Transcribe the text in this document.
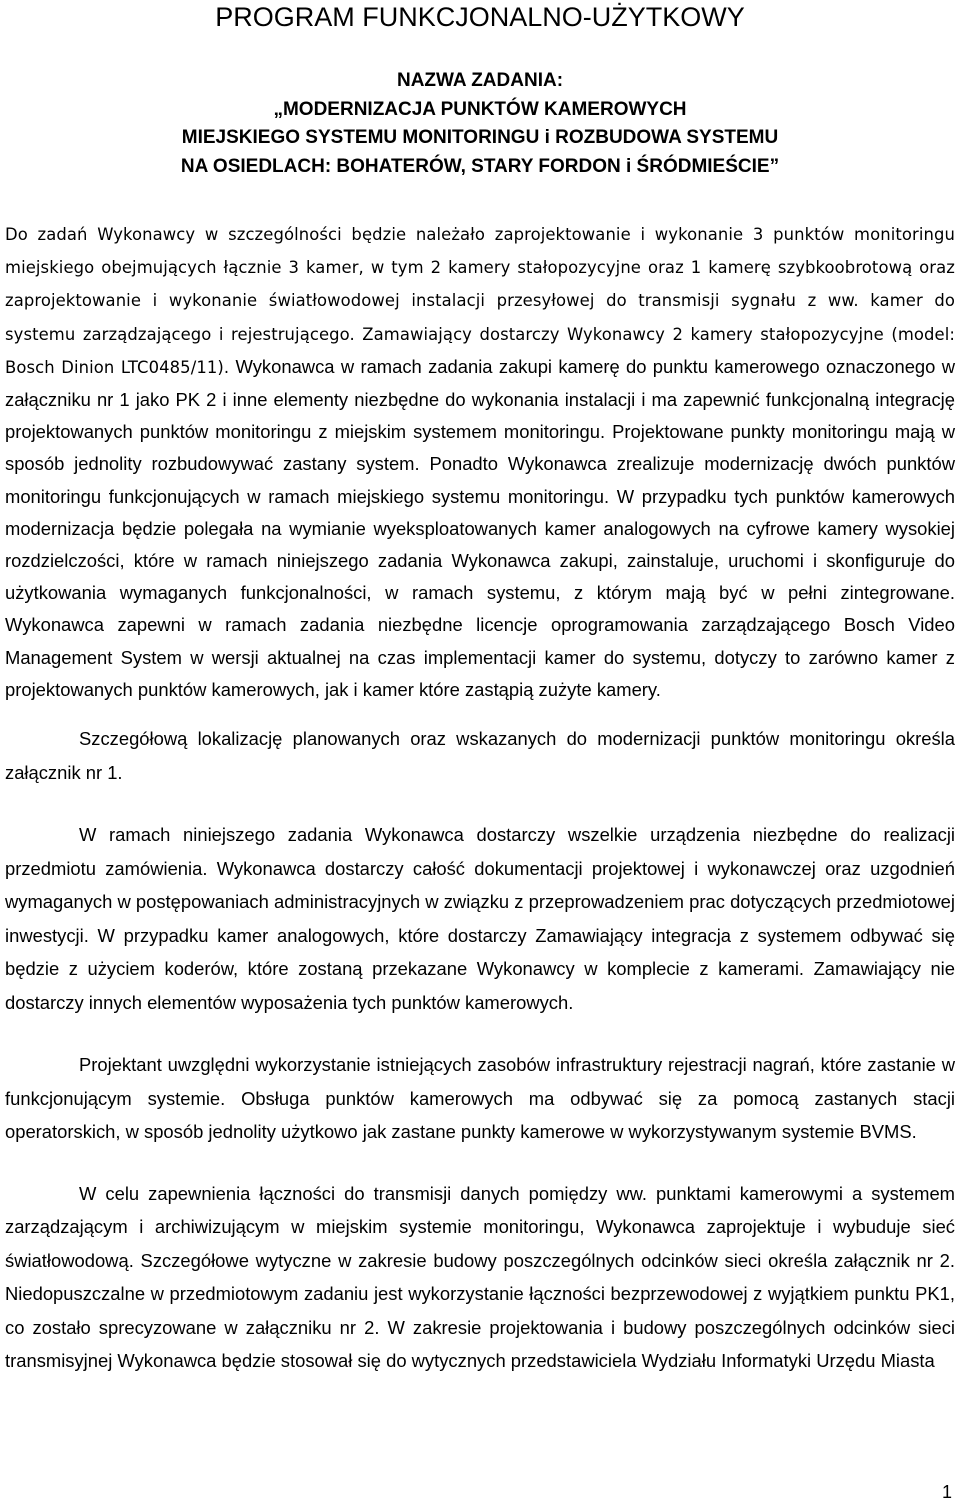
PROGRAM FUNKCJONALNO-UŻYTKOWY
NAZWA ZADANIA:
„MODERNIZACJA PUNKTÓW KAMEROWYCH
MIEJSKIEGO SYSTEMU MONITORINGU i ROZBUDOWA SYSTEMU
NA OSIEDLACH: BOHATERÓW, STARY FORDON i ŚRÓDMIEŚCIE”

Do zadań Wykonawcy w szczególności będzie należało zaprojektowanie i wykonanie 3 punktów monitoringu miejskiego obejmujących łącznie 3 kamer, w tym 2 kamery stałopozycyjne oraz 1 kamerę szybkoobrotową oraz zaprojektowanie i wykonanie światłowodowej instalacji przesyłowej do transmisji sygnału z ww. kamer do systemu zarządzającego i rejestrującego. Zamawiający dostarczy Wykonawcy 2 kamery stałopozycyjne (model: Bosch Dinion LTC0485/11). Wykonawca w ramach zadania zakupi kamerę do punktu kamerowego oznaczonego w załączniku nr 1 jako PK 2 i inne elementy niezbędne do wykonania instalacji i ma zapewnić funkcjonalną integrację projektowanych punktów monitoringu z miejskim systemem monitoringu. Projektowane punkty monitoringu mają w sposób jednolity rozbudowywać zastany system. Ponadto Wykonawca zrealizuje modernizację dwóch punktów monitoringu funkcjonujących w ramach miejskiego systemu monitoringu. W przypadku tych punktów kamerowych modernizacja będzie polegała na wymianie wyeksploatowanych kamer analogowych na cyfrowe kamery wysokiej rozdzielczości, które w ramach niniejszego zadania Wykonawca zakupi, zainstaluje, uruchomi i skonfiguruje do użytkowania wymaganych funkcjonalności, w ramach systemu, z którym mają być w pełni zintegrowane. Wykonawca zapewni w ramach zadania niezbędne licencje oprogramowania zarządzającego Bosch Video Management System w wersji aktualnej na czas implementacji kamer do systemu, dotyczy to zarówno kamer z projektowanych punktów kamerowych, jak i kamer które zastąpią zużyte kamery.

Szczegółową lokalizację planowanych oraz wskazanych do modernizacji punktów monitoringu określa załącznik nr 1.

W ramach niniejszego zadania Wykonawca dostarczy wszelkie urządzenia niezbędne do realizacji przedmiotu zamówienia. Wykonawca dostarczy całość dokumentacji projektowej i wykonawczej oraz uzgodnień wymaganych w postępowaniach administracyjnych w związku z przeprowadzeniem prac dotyczących przedmiotowej inwestycji. W przypadku kamer analogowych, które dostarczy Zamawiający integracja z systemem odbywać się będzie z użyciem koderów, które zostaną przekazane Wykonawcy w komplecie z kamerami. Zamawiający nie dostarczy innych elementów wyposażenia tych punktów kamerowych.

Projektant uwzględni wykorzystanie istniejących zasobów infrastruktury rejestracji nagrań, które zastanie w funkcjonującym systemie. Obsługa punktów kamerowych ma odbywać się za pomocą zastanych stacji operatorskich, w sposób jednolity użytkowo jak zastane punkty kamerowe w wykorzystywanym systemie BVMS.

W celu zapewnienia łączności do transmisji danych pomiędzy ww. punktami kamerowymi a systemem zarządzającym i archiwizującym w miejskim systemie monitoringu, Wykonawca zaprojektuje i wybuduje sieć światłowodową. Szczegółowe wytyczne w zakresie budowy poszczególnych odcinków sieci określa załącznik nr 2. Niedopuszczalne w przedmiotowym zadaniu jest wykorzystanie łączności bezprzewodowej z wyjątkiem punktu PK1, co zostało sprecyzowane w załączniku nr 2. W zakresie projektowania i budowy poszczególnych odcinków sieci transmisyjnej Wykonawca będzie stosował się do wytycznych przedstawiciela Wydziału Informatyki Urzędu Miasta

1
